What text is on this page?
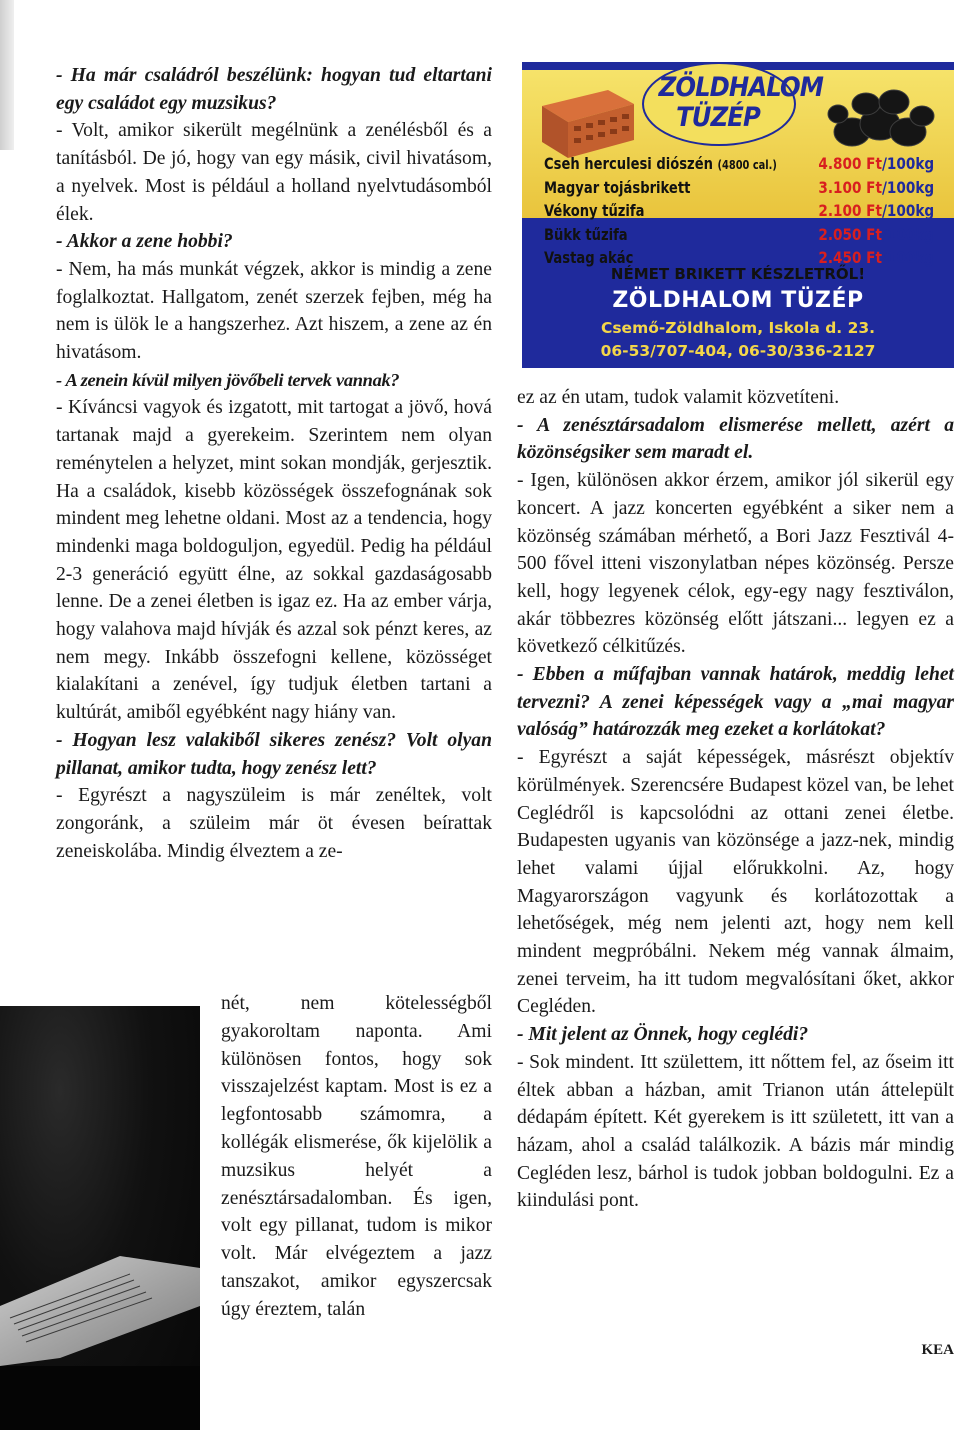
- Ha már családról beszélünk: hogyan tud eltartani egy családot egy muzsikus?

- Volt, amikor sikerült megélnünk a zenélésből és a tanításból. De jó, hogy van egy másik, civil hivatásom, a nyelvek. Most is például a holland nyelvtudásomból élek.

- Akkor a zene hobbi?

- Nem, ha más munkát végzek, akkor is mindig a zene foglalkoztat. Hallgatom, zenét szerzek fejben, még ha nem is ülök le a hangszerhez. Azt hiszem, a zene az én hivatásom.

- A zenein kívül milyen jövőbeli tervek vannak?

- Kíváncsi vagyok és izgatott, mit tartogat a jövő, hová tartanak majd a gyerekeim. Szerintem nem olyan reménytelen a helyzet, mint sokan mondják, gerjesztik. Ha a családok, kisebb közösségek összefognának sok mindent meg lehetne oldani. Most az a tendencia, hogy mindenki maga boldoguljon, egyedül. Pedig ha például 2-3 generáció együtt élne, az sokkal gazdaságosabb lenne. De a zenei életben is igaz ez. Ha az ember várja, hogy valahova majd hívják és azzal sok pénzt keres, az nem megy. Inkább összefogni kellene, közösséget kialakítani a zenével, így tudjuk életben tartani a kultúrát, amiből egyébként nagy hiány van.

- Hogyan lesz valakiből sikeres zenész? Volt olyan pillanat, amikor tudta, hogy zenész lett?

- Egyrészt a nagyszüleim is már zenéltek, volt zongoránk, a szüleim már öt évesen beírattak zeneiskolába. Mindig élveztem a ze-

nét, nem kötelességből gyakoroltam naponta. Ami különösen fontos, hogy sok visszajelzést kaptam. Most is ez a legfontosabb számomra, a kollégák elismerése, ők kijelölik a muzsikus helyét a zenésztársadalomban. És igen, volt egy pillanat, tudom is mikor volt. Már elvégeztem a jazz tanszakot, amikor egyszercsak úgy éreztem, talán

ZÖLDHALOM
TÜZÉP
Cseh herculesi diószén (4800 cal.)	4.800 Ft/100kg
Magyar tojásbrikett	3.100 Ft/100kg
Vékony tűzifa	2.100 Ft/100kg
Bükk tűzifa	2.050 Ft/100kg
Vastag akác	2.450 Ft/100kg
NÉMET BRIKETT KÉSZLETRŐL!
ZÖLDHALOM TÜZÉP
Csemő-Zöldhalom, Iskola d. 23.
06-53/707-404, 06-30/336-2127

ez az én utam, tudok valamit közvetíteni.

- A zenésztársadalom elismerése mellett, azért a közönségsiker sem maradt el.

- Igen, különösen akkor érzem, amikor jól sikerül egy koncert. A jazz koncerten egyébként a siker nem a közönség számában mérhető, a Bori Jazz Fesztivál 4-500 fővel itteni viszonylatban népes közönség. Persze kell, hogy legyenek célok, egy-egy nagy fesztiválon, akár többezres közönség előtt játszani... legyen ez a következő célkitűzés.

- Ebben a műfajban vannak határok, meddig lehet tervezni? A zenei képességek vagy a „mai magyar valóság” határozzák meg ezeket a korlátokat?

- Egyrészt a saját képességek, másrészt objektív körülmények. Szerencsére Budapest közel van, be lehet Ceglédről is kapcsolódni az ottani zenei életbe. Budapesten ugyanis van közönsége a jazz-nek, mindig lehet valami újjal előrukkolni. Az, hogy Magyarországon vagyunk és korlátozottak a lehetőségek, még nem jelenti azt, hogy nem kell mindent megpróbálni. Nekem még vannak álmaim, zenei terveim, ha itt tudom megvalósítani őket, akkor Cegléden.

- Mit jelent az Önnek, hogy ceglédi?

- Sok mindent. Itt születtem, itt nőttem fel, az őseim itt éltek abban a házban, amit Trianon után áttelepült dédapám épített. Két gyerekem is itt született, itt van a házam, ahol a család találkozik. A bázis már mindig Cegléden lesz, bárhol is tudok jobban boldogulni. Ez a kiindulási pont.

KEA
